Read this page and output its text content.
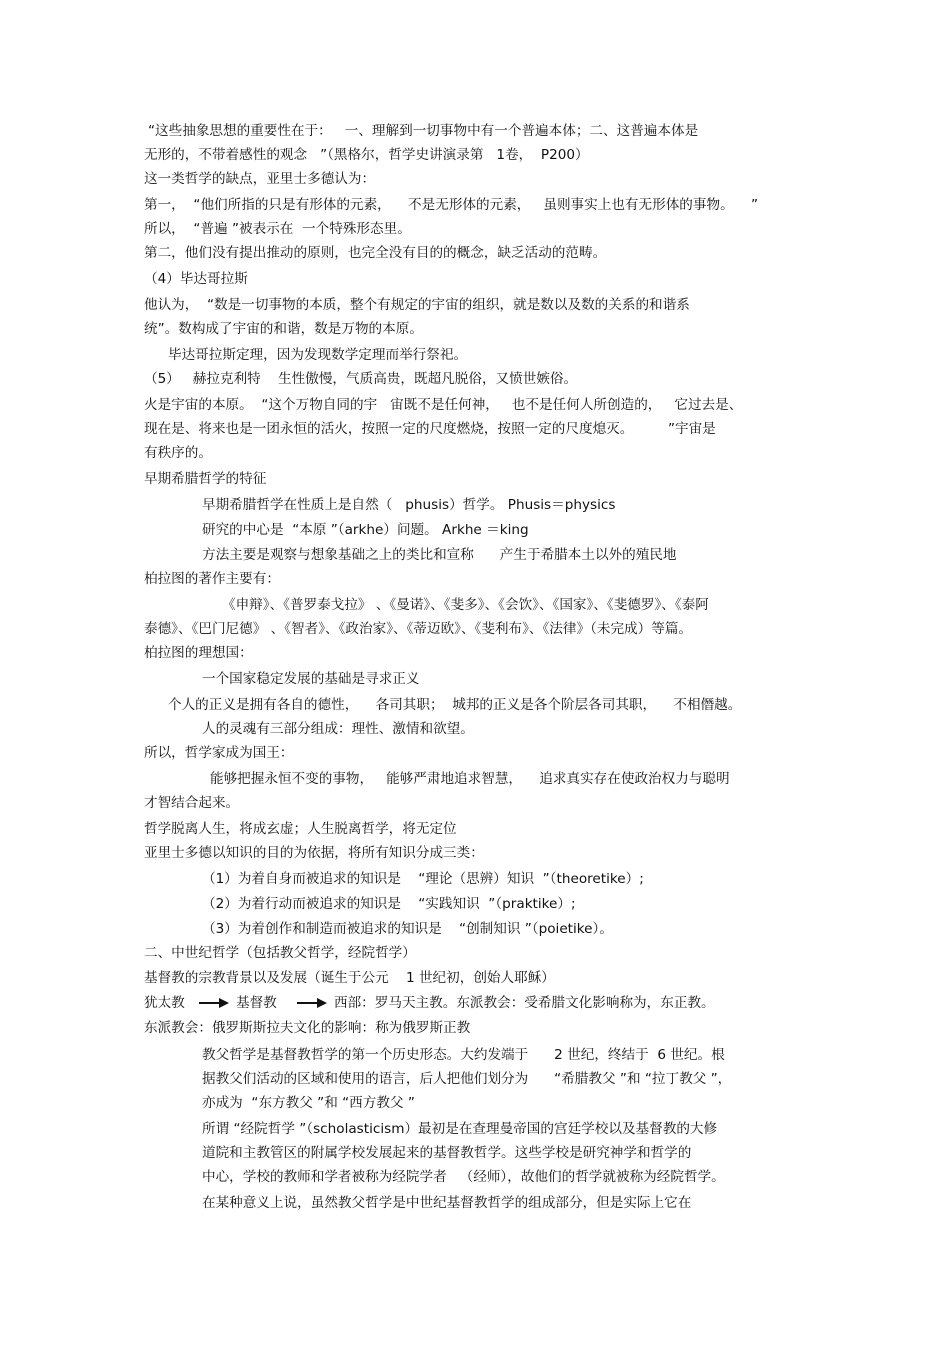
“这些抽象思想的重要性在于：   一、理解到一切事物中有一个普遍本体；二、这普遍本体是
无形的，不带着感性的观念   ”（黑格尔，哲学史讲演录第   1卷，  P200）
这一类哲学的缺点，亚里士多德认为：
第一，  “他们所指的只是有形体的元素，    不是无形体的元素，   虽则事实上也有无形体的事物。    ”
所以，  “普遍 ”被表示在  一个特殊形态里。
第二，他们没有提出推动的原则，也完全没有目的的概念，缺乏活动的范畴。
（4）毕达哥拉斯
他认为，  “数是一切事物的本质，整个有规定的宇宙的组织，就是数以及数的关系的和谐系
统”。数构成了宇宙的和谐，数是万物的本原。
毕达哥拉斯定理，因为发现数学定理而举行祭祀。
（5）   赫拉克利特    生性傲慢，气质高贵，既超凡脱俗，又愤世嫉俗。
火是宇宙的本原。  “这个万物自同的宇   宙既不是任何神，   也不是任何人所创造的，   它过去是、
现在是、将来也是一团永恒的活火，按照一定的尺度燃烧，按照一定的尺度熄灭。        ”宇宙是
有秩序的。
早期希腊哲学的特征
早期希腊哲学在性质上是自然（   phusis）哲学。 Phusis＝physics
研究的中心是  “本原 ”（arkhe）问题。 Arkhe ＝king
方法主要是观察与想象基础之上的类比和宣称      产生于希腊本土以外的殖民地
柏拉图的著作主要有：
《申辩》、《普罗泰戈拉》 、《曼诺》、《斐多》、《会饮》、《国家》、《斐德罗》、《泰阿
泰德》、《巴门尼德》 、《智者》、《政治家》、《蒂迈欧》、《斐利布》、《法律》（未完成）等篇。
柏拉图的理想国：
一个国家稳定发展的基础是寻求正义
个人的正义是拥有各自的德性，    各司其职；  城邦的正义是各个阶层各司其职，    不相僭越。
人的灵魂有三部分组成：理性、激情和欲望。
所以，哲学家成为国王：
能够把握永恒不变的事物，   能够严肃地追求智慧，    追求真实存在使政治权力与聪明
才智结合起来。
哲学脱离人生，将成玄虚；人生脱离哲学，将无定位
亚里士多德以知识的目的为依据，将所有知识分成三类：
（1）为着自身而被追求的知识是    “理论（思辨）知识  ”（theoretike）;
（2）为着行动而被追求的知识是    “实践知识  ”（praktike）;
（3）为着创作和制造而被追求的知识是    “创制知识 ”（poietike）。
二、中世纪哲学（包括教父哲学，经院哲学）
基督教的宗教背景以及发展（诞生于公元    1 世纪初，创始人耶稣）
犹太教	基督教	西部：罗马天主教。东派教会：受希腊文化影响称为，东正教。
东派教会：俄罗斯斯拉夫文化的影响：称为俄罗斯正教
教父哲学是基督教哲学的第一个历史形态。大约发端于      2 世纪，终结于  6 世纪。根
据教父们活动的区域和使用的语言，后人把他们划分为      “希腊教父 ”和 “拉丁教父 ”，
亦成为  “东方教父 ”和 “西方教父 ”
所谓 “经院哲学 ”（scholasticism）最初是在查理曼帝国的宫廷学校以及基督教的大修
道院和主教管区的附属学校发展起来的基督教哲学。这些学校是研究神学和哲学的
中心，学校的教师和学者被称为经院学者   （经师），故他们的哲学就被称为经院哲学。
在某种意义上说，虽然教父哲学是中世纪基督教哲学的组成部分，但是实际上它在
